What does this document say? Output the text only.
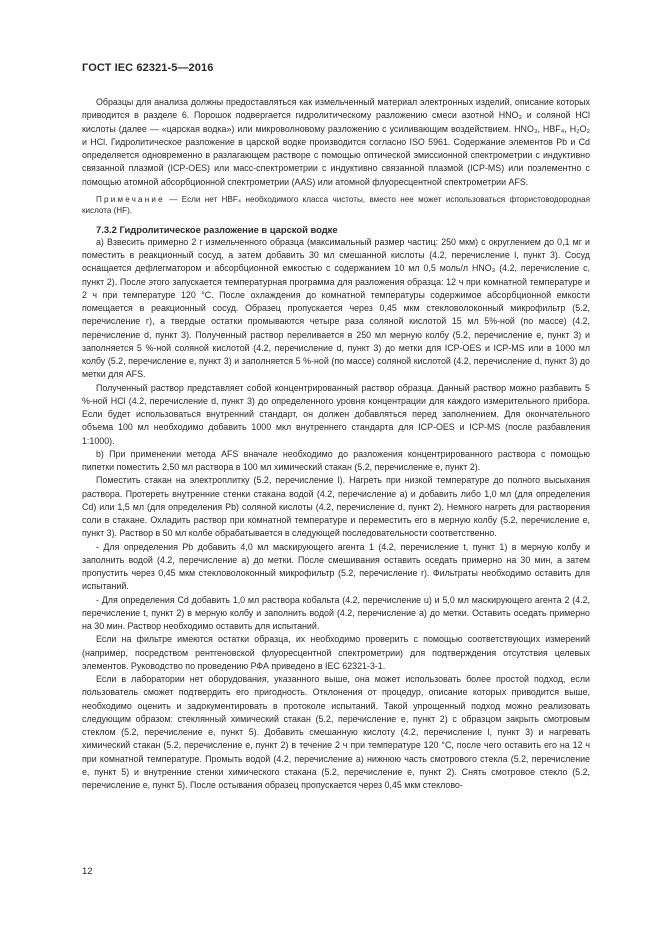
ГОСТ IEC 62321-5—2016

Образцы для анализа должны предоставляться как измельченный материал электронных изделий, описание которых приводится в разделе 6. Порошок подвергается гидролитическому разложению смеси азотной HNO₃ и соляной HCl кислоты (далее — «царская водка») или микроволновому разложению с усиливающим воздействием. HNO₃, HBF₄, H₂O₂ и HCl. Гидролитическое разложение в царской водке производится согласно ISO 5961. Содержание элементов Pb и Cd определяется одновременно в разлагающем растворе с помощью оптической эмиссионной спектрометрии с индуктивно связанной плазмой (ICP-OES) или масс-спектрометрии с индуктивно связанной плазмой (ICP-MS) или поэлементно с помощью атомной абсорбционной спектрометрии (AAS) или атомной флуоресцентной спектрометрии AFS.

Примечание — Если нет HBF₄ необходимого класса чистоты, вместо нее может использоваться фтористоводородная кислота (HF).

7.3.2 Гидролитическое разложение в царской водке

a) Взвесить примерно 2 г измельченного образца (максимальный размер частиц: 250 мкм) с округлением до 0,1 мг и поместить в реакционный сосуд, а затем добавить 30 мл смешанной кислоты (4.2, перечисление l, пункт 3). Сосуд оснащается дефлегматором и абсорбционной емкостью с содержанием 10 мл 0,5 моль/л HNO₃ (4.2, перечисление c, пункт 2). После этого запускается температурная программа для разложения образца: 12 ч при комнатной температуре и 2 ч при температуре 120 °С. После охлаждения до комнатной температуры содержимое абсорбционной емкости помещается в реакционный сосуд. Образец пропускается через 0,45 мкм стекловолоконный микрофильтр (5.2, перечисление г), а твердые остатки промываются четыре раза соляной кислотой 15 мл 5%-ной (по массе) (4.2, перечисление d, пункт 3). Полученный раствор переливается в 250 мл мерную колбу (5.2, перечисление e, пункт 3) и заполняется 5 %-ной соляной кислотой (4.2, перечисление d, пункт 3) до метки для ICP-OES и ICP-MS или в 1000 мл колбу (5.2, перечисление e, пункт 3) и заполняется 5 %-ной (по массе) соляной кислотой (4.2, перечисление d, пункт 3) до метки для AFS.

Полученный раствор представляет собой концентрированный раствор образца. Данный раствор можно разбавить 5 %-ной HCl (4.2, перечисление d, пункт 3) до определенного уровня концентрации для каждого измерительного прибора. Если будет использоваться внутренний стандарт, он должен добавляться перед заполнением. Для окончательного объема 100 мл необходимо добавить 1000 мкл внутреннего стандарта для ICP-OES и ICP-MS (после разбавления 1:1000).

b) При применении метода AFS вначале необходимо до разложения концентрированного раствора с помощью пипетки поместить 2,50 мл раствора в 100 мл химический стакан (5.2, перечисление e, пункт 2).

Поместить стакан на электроплитку (5.2, перечисление l). Нагреть при низкой температуре до полного высыхания раствора. Протереть внутренние стенки стакана водой (4.2, перечисление a) и добавить либо 1,0 мл (для определения Cd) или 1,5 мл (для определения Pb) соляной кислоты (4.2, перечисление d, пункт 2). Немного нагреть для растворения соли в стакане. Охладить раствор при комнатной температуре и переместить его в мерную колбу (5.2, перечисление e, пункт 3). Раствор в 50 мл колбе обрабатывается в следующей последовательности соответственно.

- Для определения Pb добавить 4,0 мл маскирующего агента 1 (4.2, перечисление t, пункт 1) в мерную колбу и заполнить водой (4.2, перечисление a) до метки. После смешивания оставить оседать примерно на 30 мин, а затем пропустить через 0,45 мкм стекловолоконный микрофильтр (5.2, перечисление r). Фильтраты необходимо оставить для испытаний.

- Для определения Cd добавить 1,0 мл раствора кобальта (4.2, перечисление u) и 5,0 мл маскирующего агента 2 (4.2, перечисление t, пункт 2) в мерную колбу и заполнить водой (4.2, перечисление a) до метки. Оставить оседать примерно на 30 мин. Раствор необходимо оставить для испытаний.

Если на фильтре имеются остатки образца, их необходимо проверить с помощью соответствующих измерений (например, посредством рентгеновской флуоресцентной спектрометрии) для подтверждения отсутствия целевых элементов. Руководство по проведению РФА приведено в IEC 62321-3-1.

Если в лаборатории нет оборудования, указанного выше, она может использовать более простой подход, если пользователь сможет подтвердить его пригодность. Отклонения от процедур, описание которых приводится выше, необходимо оценить и задокументировать в протоколе испытаний. Такой упрощенный подход можно реализовать следующим образом: стеклянный химический стакан (5.2, перечисление e, пункт 2) с образцом закрыть смотровым стеклом (5.2, перечисление e, пункт 5). Добавить смешанную кислоту (4.2, перечисление l, пункт 3) и нагревать химический стакан (5.2, перечисление e, пункт 2) в течение 2 ч при температуре 120 °С, после чего оставить его на 12 ч при комнатной температуре. Промыть водой (4.2, перечисление a) нижнюю часть смотрового стекла (5.2, перечисление e, пункт 5) и внутренние стенки химического стакана (5.2, перечисление e, пункт 2). Снять смотровое стекло (5.2, перечисление e, пункт 5). После остывания образец пропускается через 0,45 мкм стеклово-

12
